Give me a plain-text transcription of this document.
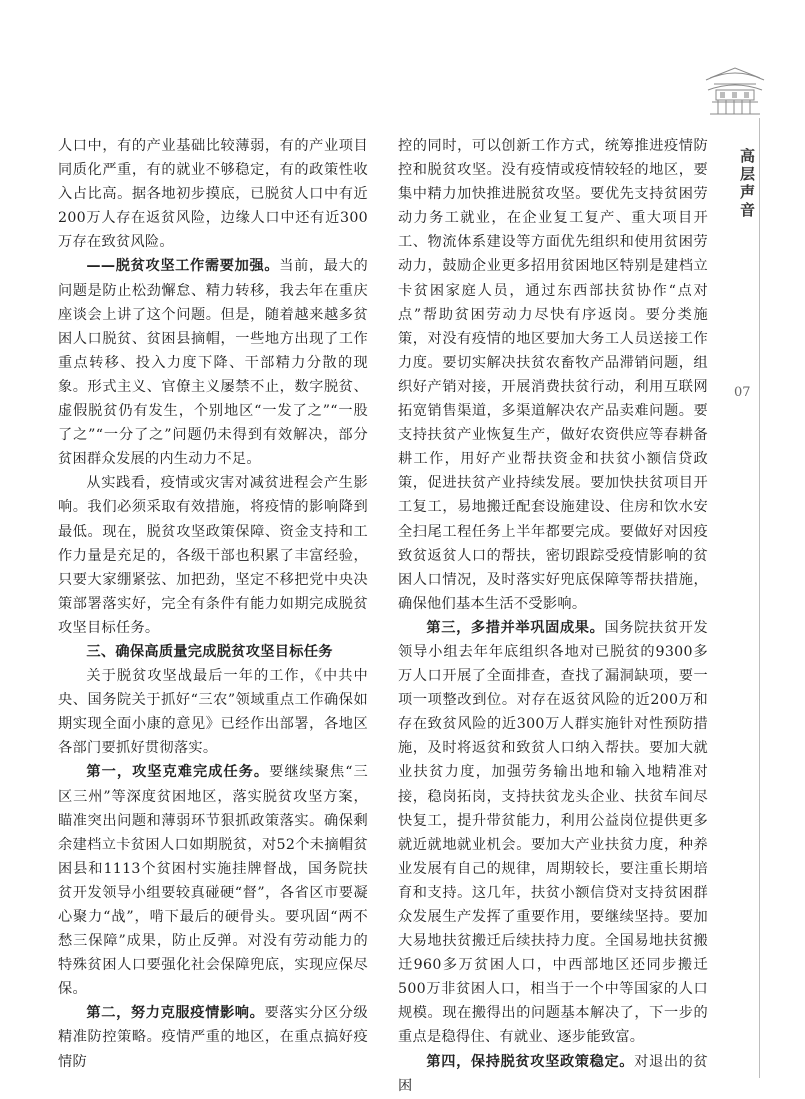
人口中，有的产业基础比较薄弱，有的产业项目同质化严重，有的就业不够稳定，有的政策性收入占比高。据各地初步摸底，已脱贫人口中有近200万人存在返贫风险，边缘人口中还有近300万存在致贫风险。

——脱贫攻坚工作需要加强。当前，最大的问题是防止松劲懈怠、精力转移，我去年在重庆座谈会上讲了这个问题。但是，随着越来越多贫困人口脱贫、贫困县摘帽，一些地方出现了工作重点转移、投入力度下降、干部精力分散的现象。形式主义、官僚主义屡禁不止，数字脱贫、虚假脱贫仍有发生，个别地区“一发了之”“一股了之”“一分了之”问题仍未得到有效解决，部分贫困群众发展的内生动力不足。

从实践看，疫情或灾害对减贫进程会产生影响。我们必须采取有效措施，将疫情的影响降到最低。现在，脱贫攻坚政策保障、资金支持和工作力量是充足的，各级干部也积累了丰富经验，只要大家绷紧弦、加把劲，坚定不移把党中央决策部署落实好，完全有条件有能力如期完成脱贫攻坚目标任务。

三、确保高质量完成脱贫攻坚目标任务

关于脱贫攻坚战最后一年的工作，《中共中央、国务院关于抓好“三农”领域重点工作确保如期实现全面小康的意见》已经作出部署，各地区各部门要抓好贯彻落实。

第一，攻坚克难完成任务。要继续聚焦“三区三州”等深度贫困地区，落实脱贫攻坚方案，瞄准突出问题和薄弱环节狠抓政策落实。确保剩余建档立卡贫困人口如期脱贫，对52个未摘帽贫困县和1113个贫困村实施挂牌督战，国务院扶贫开发领导小组要较真碰硬“督”，各省区市要凝心聚力“战”，啃下最后的硬骨头。要巩固“两不愁三保障”成果，防止反弹。对没有劳动能力的特殊贫困人口要强化社会保障兜底，实现应保尽保。

第二，努力克服疫情影响。要落实分区分级精准防控策略。疫情严重的地区，在重点搞好疫情防

控的同时，可以创新工作方式，统筹推进疫情防控和脱贫攻坚。没有疫情或疫情较轻的地区，要集中精力加快推进脱贫攻坚。要优先支持贫困劳动力务工就业，在企业复工复产、重大项目开工、物流体系建设等方面优先组织和使用贫困劳动力，鼓励企业更多招用贫困地区特别是建档立卡贫困家庭人员，通过东西部扶贫协作“点对点”帮助贫困劳动力尽快有序返岗。要分类施策，对没有疫情的地区要加大务工人员送接工作力度。要切实解决扶贫农畜牧产品滞销问题，组织好产销对接，开展消费扶贫行动，利用互联网拓宽销售渠道，多渠道解决农产品卖难问题。要支持扶贫产业恢复生产，做好农资供应等春耕备耕工作，用好产业帮扶资金和扶贫小额信贷政策，促进扶贫产业持续发展。要加快扶贫项目开工复工，易地搬迁配套设施建设、住房和饮水安全扫尾工程任务上半年都要完成。要做好对因疫致贫返贫人口的帮扶，密切跟踪受疫情影响的贫困人口情况，及时落实好兜底保障等帮扶措施，确保他们基本生活不受影响。

第三，多措并举巩固成果。国务院扶贫开发领导小组去年年底组织各地对已脱贫的9300多万人口开展了全面排查，查找了漏洞缺项，要一项一项整改到位。对存在返贫风险的近200万和存在致贫风险的近300万人群实施针对性预防措施，及时将返贫和致贫人口纳入帮扶。要加大就业扶贫力度，加强劳务输出地和输入地精准对接，稳岗拓岗，支持扶贫龙头企业、扶贫车间尽快复工，提升带贫能力，利用公益岗位提供更多就近就地就业机会。要加大产业扶贫力度，种养业发展有自己的规律，周期较长，要注重长期培育和支持。这几年，扶贫小额信贷对支持贫困群众发展生产发挥了重要作用，要继续坚持。要加大易地扶贫搬迁后续扶持力度。全国易地扶贫搬迁960多万贫困人口，中西部地区还同步搬迁500万非贫困人口，相当于一个中等国家的人口规模。现在搬得出的问题基本解决了，下一步的重点是稳得住、有就业、逐步能致富。

第四，保持脱贫攻坚政策稳定。对退出的贫困

高层声音
07
